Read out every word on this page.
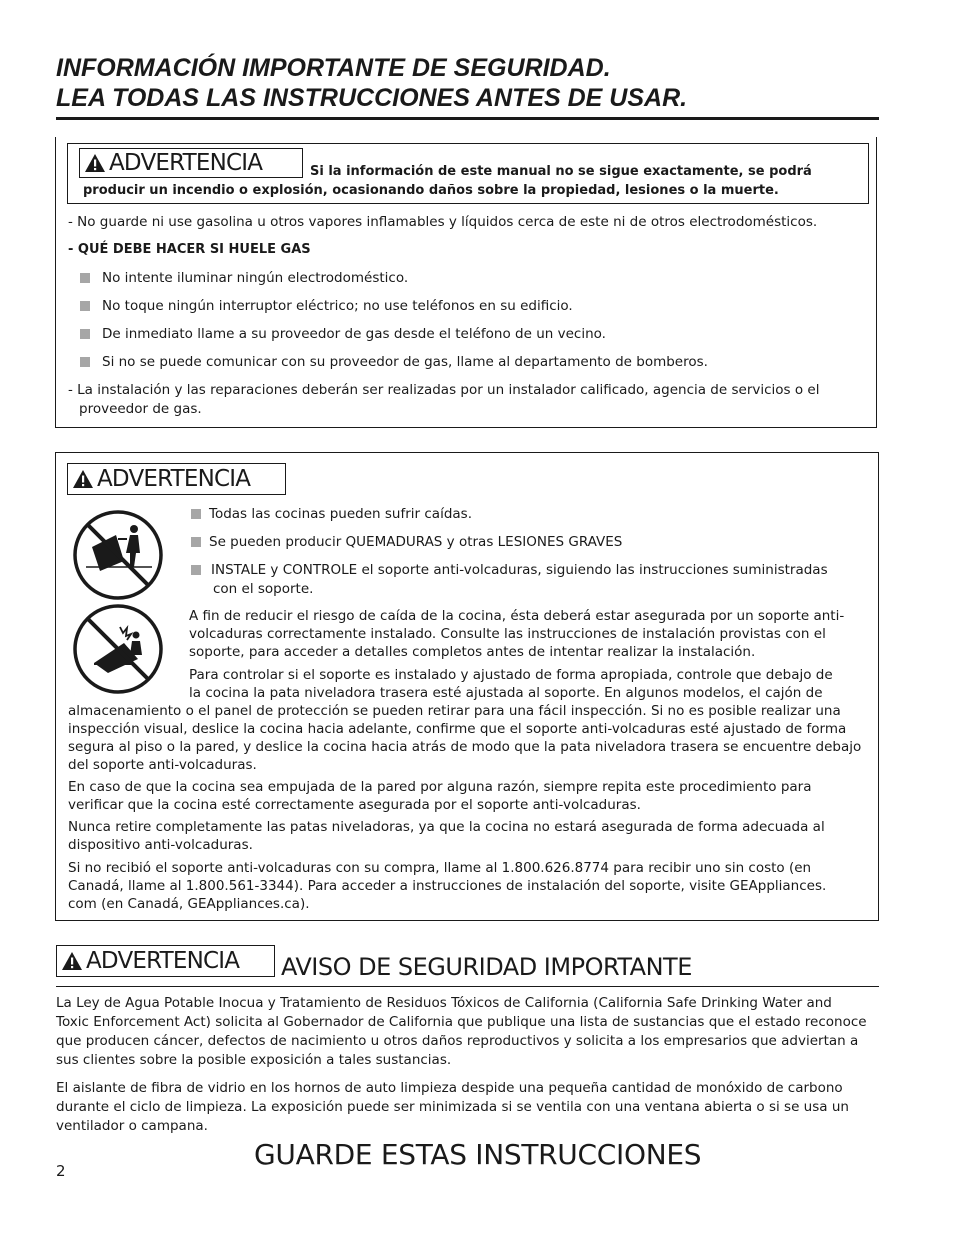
INFORMACIÓN IMPORTANTE DE SEGURIDAD.
LEA TODAS LAS INSTRUCCIONES ANTES DE USAR.
ADVERTENCIA	Si la información de este manual no se sigue exactamente, se podrá
producir un incendio o explosión, ocasionando daños sobre la propiedad, lesiones o la muerte.

- No guarde ni use gasolina u otros vapores inflamables y líquidos cerca de este ni de otros electrodomésticos.

- QUÉ DEBE HACER SI HUELE GAS

No intente iluminar ningún electrodoméstico.

No toque ningún interruptor eléctrico; no use teléfonos en su edificio.

De inmediato llame a su proveedor de gas desde el teléfono de un vecino.

Si no se puede comunicar con su proveedor de gas, llame al departamento de bomberos.

- La instalación y las reparaciones deberán ser realizadas por un instalador calificado, agencia de servicios o el

proveedor de gas.

ADVERTENCIA

Todas las cocinas pueden sufrir caídas.

Se pueden producir QUEMADURAS y otras LESIONES GRAVES

INSTALE y CONTROLE el soporte anti-volcaduras, siguiendo las instrucciones suministradas

con el soporte.

A fin de reducir el riesgo de caída de la cocina, ésta deberá estar asegurada por un soporte anti-

volcaduras correctamente instalado. Consulte las instrucciones de instalación provistas con el

soporte, para acceder a detalles completos antes de intentar realizar la instalación.

Para controlar si el soporte es instalado y ajustado de forma apropiada, controle que debajo de

la cocina la pata niveladora trasera esté ajustada al soporte. En algunos modelos, el cajón de

almacenamiento o el panel de protección se pueden retirar para una fácil inspección. Si no es posible realizar una

inspección visual, deslice la cocina hacia adelante, confirme que el soporte anti-volcaduras esté ajustado de forma

segura al piso o la pared, y deslice la cocina hacia atrás de modo que la pata niveladora trasera se encuentre debajo

del soporte anti-volcaduras.

En caso de que la cocina sea empujada de la pared por alguna razón, siempre repita este procedimiento para

verificar que la cocina esté correctamente asegurada por el soporte anti-volcaduras.

Nunca retire completamente las patas niveladoras, ya que la cocina no estará asegurada de forma adecuada al

dispositivo anti-volcaduras.

Si no recibió el soporte anti-volcaduras con su compra, llame al 1.800.626.8774 para recibir uno sin costo (en

Canadá, llame al 1.800.561-3344). Para acceder a instrucciones de instalación del soporte, visite GEAppliances.

com (en Canadá, GEAppliances.ca).

ADVERTENCIA AVISO DE SEGURIDAD IMPORTANTE

La Ley de Agua Potable Inocua y Tratamiento de Residuos Tóxicos de California (California Safe Drinking Water and

Toxic Enforcement Act) solicita al Gobernador de California que publique una lista de sustancias que el estado reconoce

que producen cáncer, defectos de nacimiento u otros daños reproductivos y solicita a los empresarios que adviertan a

sus clientes sobre la posible exposición a tales sustancias.

El aislante de fibra de vidrio en los hornos de auto limpieza despide una pequeña cantidad de monóxido de carbono

durante el ciclo de limpieza. La exposición puede ser minimizada si se ventila con una ventana abierta o si se usa un

ventilador o campana.

GUARDE ESTAS INSTRUCCIONES

2
